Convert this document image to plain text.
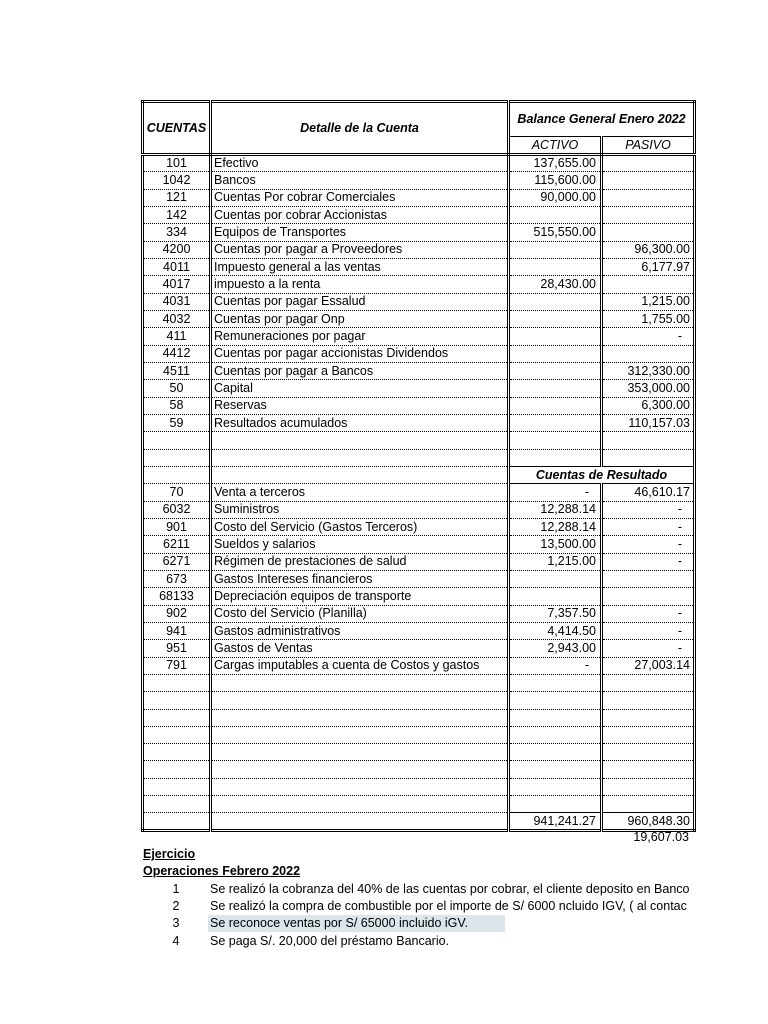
CUENTAS	Detalle de la Cuenta	Balance General Enero 2022	
		ACTIVO	PASIVO
101	Efectivo	137,655.00	
1042	Bancos	115,600.00	
121	Cuentas Por cobrar Comerciales	90,000.00	
142	Cuentas por cobrar Accionistas		
334	Equipos de Transportes	515,550.00	
4200	Cuentas por pagar a Proveedores		96,300.00
4011	Impuesto general a las ventas		6,177.97
4017	impuesto a la renta	28,430.00	
4031	Cuentas por pagar Essalud		1,215.00
4032	Cuentas por pagar Onp		1,755.00
411	Remuneraciones por pagar		-
4412	Cuentas por pagar accionistas Dividendos		
4511	Cuentas por pagar a Bancos		312,330.00
50	Capital		353,000.00
58	Reservas		6,300.00
59	Resultados acumulados		110,157.03

		Cuentas de Resultado	
70	Venta a terceros	-	46,610.17
6032	Suministros	12,288.14	-
901	Costo del Servicio (Gastos Terceros)	12,288.14	-
6211	Sueldos y salarios	13,500.00	-
6271	Régimen de prestaciones de salud	1,215.00	-
673	Gastos Intereses financieros		
68133	Depreciación equipos de transporte		
902	Costo del Servicio (Planilla)	7,357.50	-
941	Gastos administrativos	4,414.50	-
951	Gastos de Ventas	2,943.00	-
791	Cargas imputables a cuenta de Costos y gastos	-	27,003.14

		941,241.27	960,848.30
19,607.03
Ejercicio
Operaciones Febrero 2022
1	Se realizó la cobranza del 40% de las cuentas por cobrar, el cliente deposito en Banco
2	Se realizó la compra de combustible por el importe de S/ 6000 ncluido IGV, ( al contac
3	Se reconoce ventas por S/ 65000 incluido iGV.
4	Se paga S/. 20,000 del préstamo Bancario.
